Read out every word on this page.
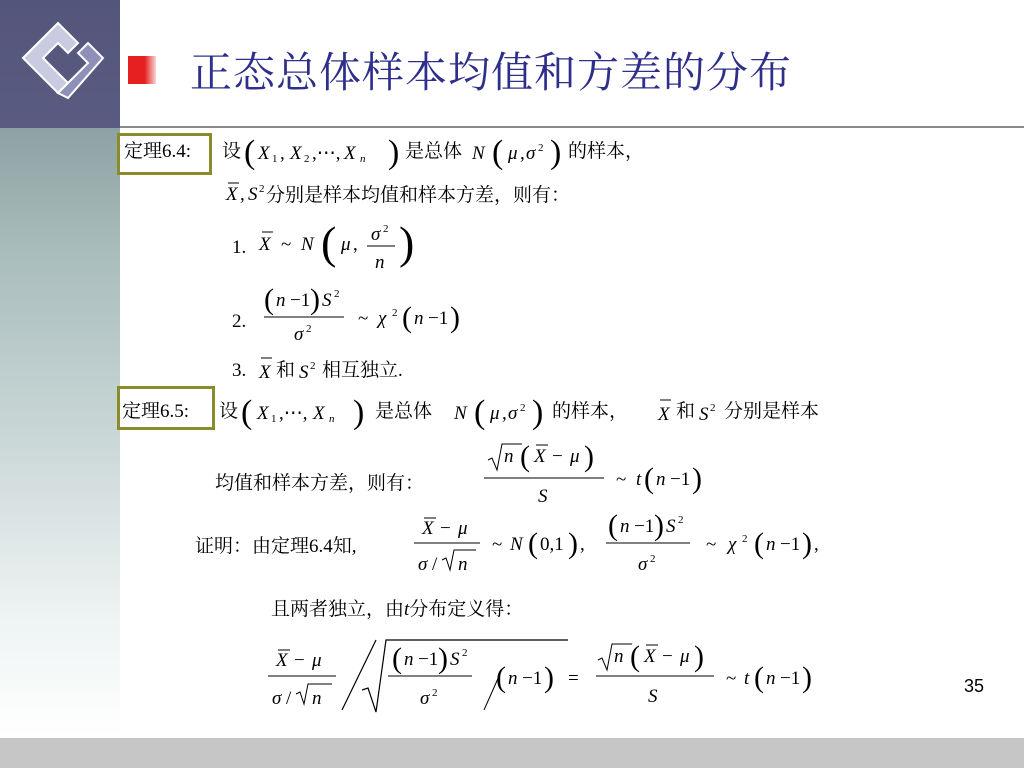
正态总体样本均值和方差的分布
定理6.4: 设 ( X 1 , X 2 ,⋯, X n ) 是总体 N ( μ , σ 2 ) 的样本，
X , S 2 分别是样本均值和样本方差，则有：
1. X ~ N ( μ , σ 2
n )
2.
( n −1 ) S 2
σ 2 ~ χ 2 ( n −1 )
3. X 和 S 2 相互独立.
定理6.5: 设 ( X 1 ,⋯, X n ) 是总体 N ( μ , σ 2 ) 的样本， X 和 S 2 分别是样本
均值和样本方差，则有：
n ( X − μ )
S
~ t ( n −1 )
证明：由定理6.4知,
X − μ
σ / n
~ N ( 0,1 ) ,
( n −1 ) S 2
σ 2
~ χ 2 ( n −1 ) ,
且两者独立，由t分布定义得：
X − μ
σ / n
( n −1 ) S 2
σ 2 ( n −1 ) =
n ( X − μ )
S
~ t ( n −1 )	35
